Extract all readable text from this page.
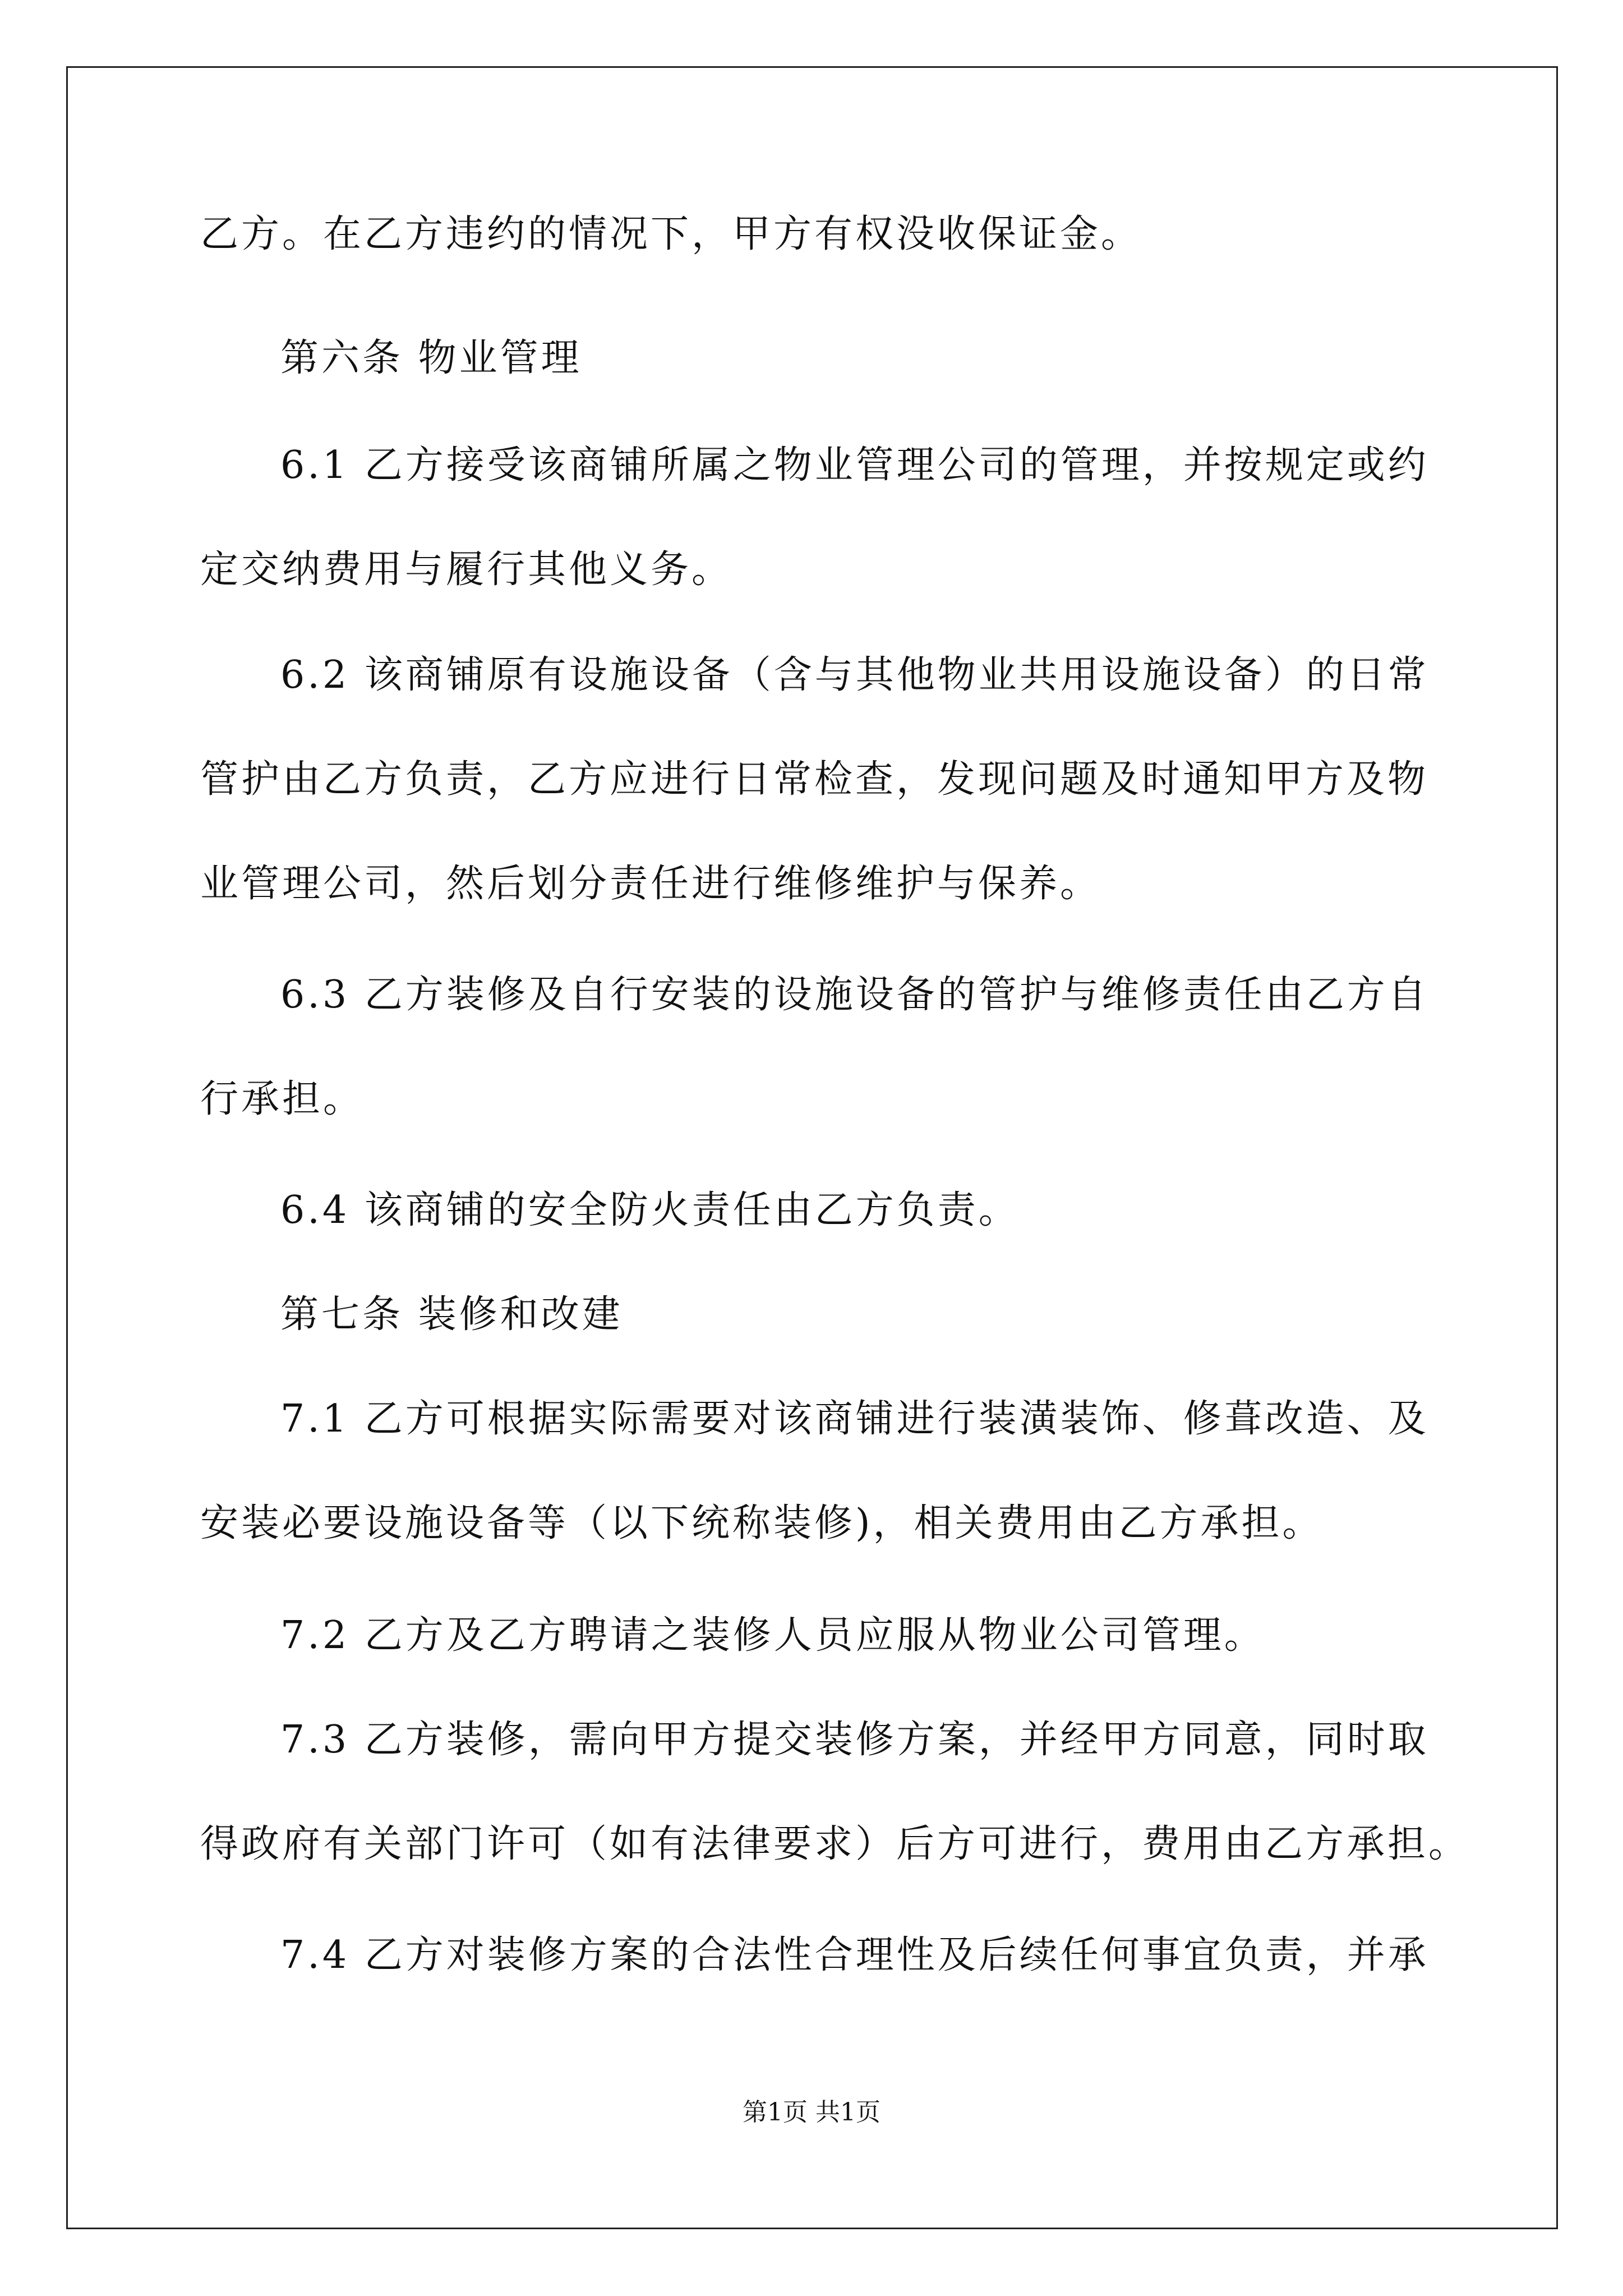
乙方。在乙方违约的情况下，甲方有权没收保证金。
第六条 物业管理
6.1 乙方接受该商铺所属之物业管理公司的管理，并按规定或约
定交纳费用与履行其他义务。
6.2 该商铺原有设施设备（含与其他物业共用设施设备）的日常
管护由乙方负责，乙方应进行日常检查，发现问题及时通知甲方及物
业管理公司，然后划分责任进行维修维护与保养。
6.3 乙方装修及自行安装的设施设备的管护与维修责任由乙方自
行承担。
6.4 该商铺的安全防火责任由乙方负责。
第七条 装修和改建
7.1 乙方可根据实际需要对该商铺进行装潢装饰、修葺改造、及
安装必要设施设备等（以下统称装修)，相关费用由乙方承担。
7.2 乙方及乙方聘请之装修人员应服从物业公司管理。
7.3 乙方装修，需向甲方提交装修方案，并经甲方同意，同时取
得政府有关部门许可（如有法律要求）后方可进行，费用由乙方承担。
7.4 乙方对装修方案的合法性合理性及后续任何事宜负责，并承
第1页 共1页
